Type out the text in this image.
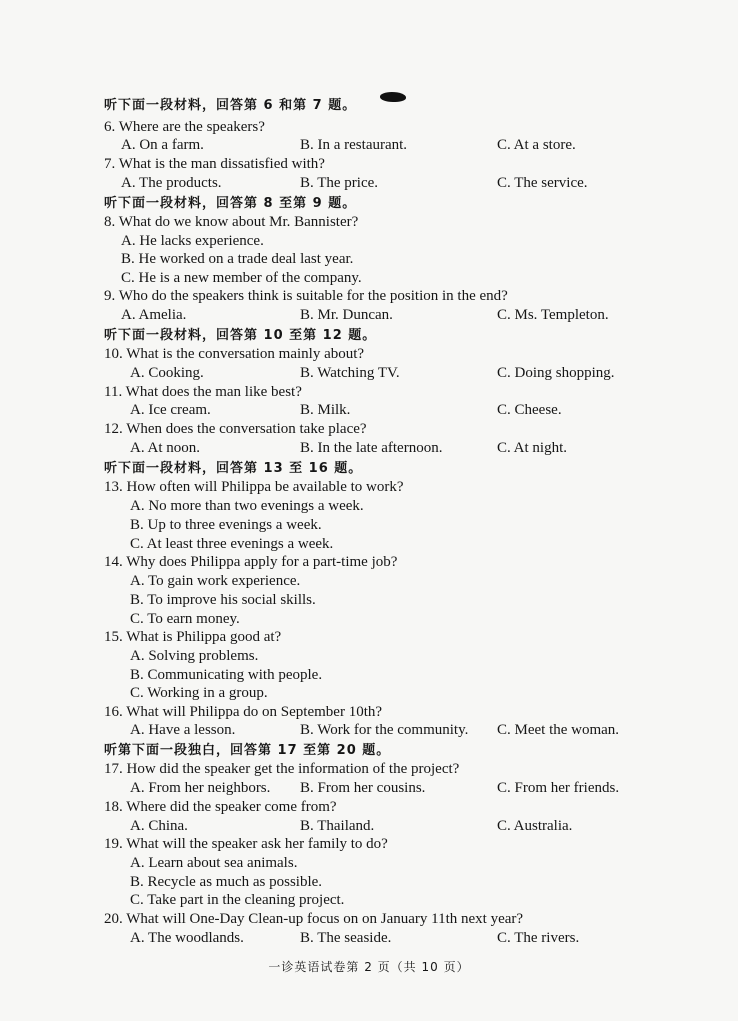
听下面一段材料，回答第 6 和第 7 题。
6. Where are the speakers?
A. On a farm.	B. In a restaurant.	C. At a store.
7. What is the man dissatisfied with?
A. The products.	B. The price.	C. The service.
听下面一段材料，回答第 8 至第 9 题。
8. What do we know about Mr. Bannister?
A. He lacks experience.
B. He worked on a trade deal last year.
C. He is a new member of the company.
9. Who do the speakers think is suitable for the position in the end?
A. Amelia.	B. Mr. Duncan.	C. Ms. Templeton.
听下面一段材料，回答第 10 至第 12 题。
10. What is the conversation mainly about?
A. Cooking.	B. Watching TV.	C. Doing shopping.
11. What does the man like best?
A. Ice cream.	B. Milk.	C. Cheese.
12. When does the conversation take place?
A. At noon.	B. In the late afternoon.	C. At night.
听下面一段材料，回答第 13 至 16 题。
13. How often will Philippa be available to work?
A. No more than two evenings a week.
B. Up to three evenings a week.
C. At least three evenings a week.
14. Why does Philippa apply for a part-time job?
A. To gain work experience.
B. To improve his social skills.
C. To earn money.
15. What is Philippa good at?
A. Solving problems.
B. Communicating with people.
C. Working in a group.
16. What will Philippa do on September 10th?
A. Have a lesson.	B. Work for the community. C. Meet the woman.
听第下面一段独白，回答第 17 至第 20 题。
17. How did the speaker get the information of the project?
A. From her neighbors. B. From her cousins.	C. From her friends.
18. Where did the speaker come from?
A. China.	B. Thailand.	C. Australia.
19. What will the speaker ask her family to do?
A. Learn about sea animals.
B. Recycle as much as possible.
C. Take part in the cleaning project.
20. What will One-Day Clean-up focus on on January 11th next year?
A. The woodlands.	B. The seaside.	C. The rivers.
一诊英语试卷第 2 页（共 10 页）
